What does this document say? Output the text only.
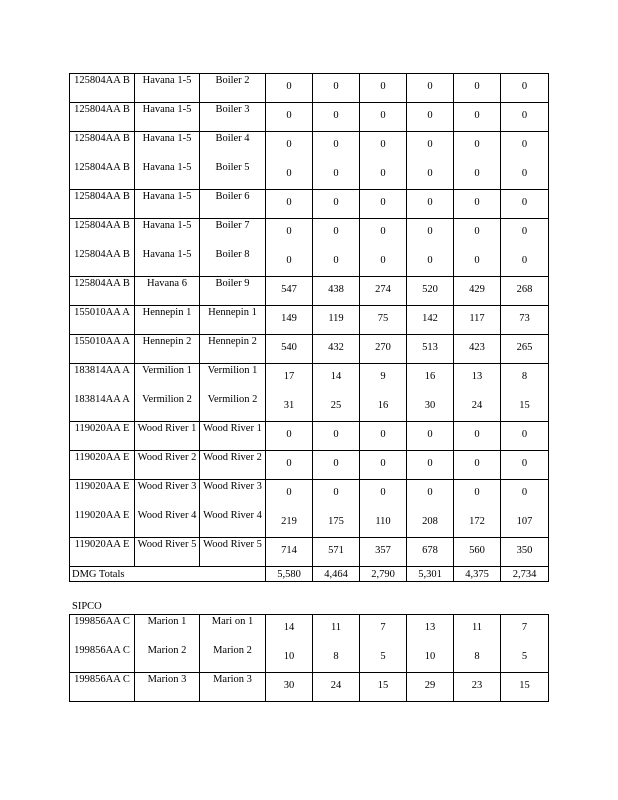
125804AA B	Havana 1-5	Boiler 2	0	0	0	0	0	0
125804AA B	Havana 1-5	Boiler 3	0	0	0	0	0	0
125804AA B	Havana 1-5	Boiler 4	0	0	0	0	0	0
125804AA B	Havana 1-5	Boiler 5	0	0	0	0	0	0
125804AA B	Havana 1-5	Boiler 6	0	0	0	0	0	0
125804AA B	Havana 1-5	Boiler 7	0	0	0	0	0	0
125804AA B	Havana 1-5	Boiler 8	0	0	0	0	0	0
125804AA B	Havana 6	Boiler 9	547	438	274	520	429	268
155010AA A	Hennepin 1	Hennepin 1	149	119	75	142	117	73
155010AA A	Hennepin 2	Hennepin 2	540	432	270	513	423	265
183814AA A	Vermilion 1	Vermilion 1	17	14	9	16	13	8
183814AA A	Vermilion 2	Vermilion 2	31	25	16	30	24	15
119020AA E	Wood River 1	Wood River 1	0	0	0	0	0	0
119020AA E	Wood River 2	Wood River 2	0	0	0	0	0	0
119020AA E	Wood River 3	Wood River 3	0	0	0	0	0	0
119020AA E	Wood River 4	Wood River 4	219	175	110	208	172	107
119020AA E	Wood River 5	Wood River 5	714	571	357	678	560	350
DMG Totals			5,580	4,464	2,790	5,301	4,375	2,734
SIPCO
199856AA C	Marion 1	Mari on 1	14	11	7	13	11	7
199856AA C	Marion 2	Marion 2	10	8	5	10	8	5
199856AA C	Marion 3	Marion 3	30	24	15	29	23	15
